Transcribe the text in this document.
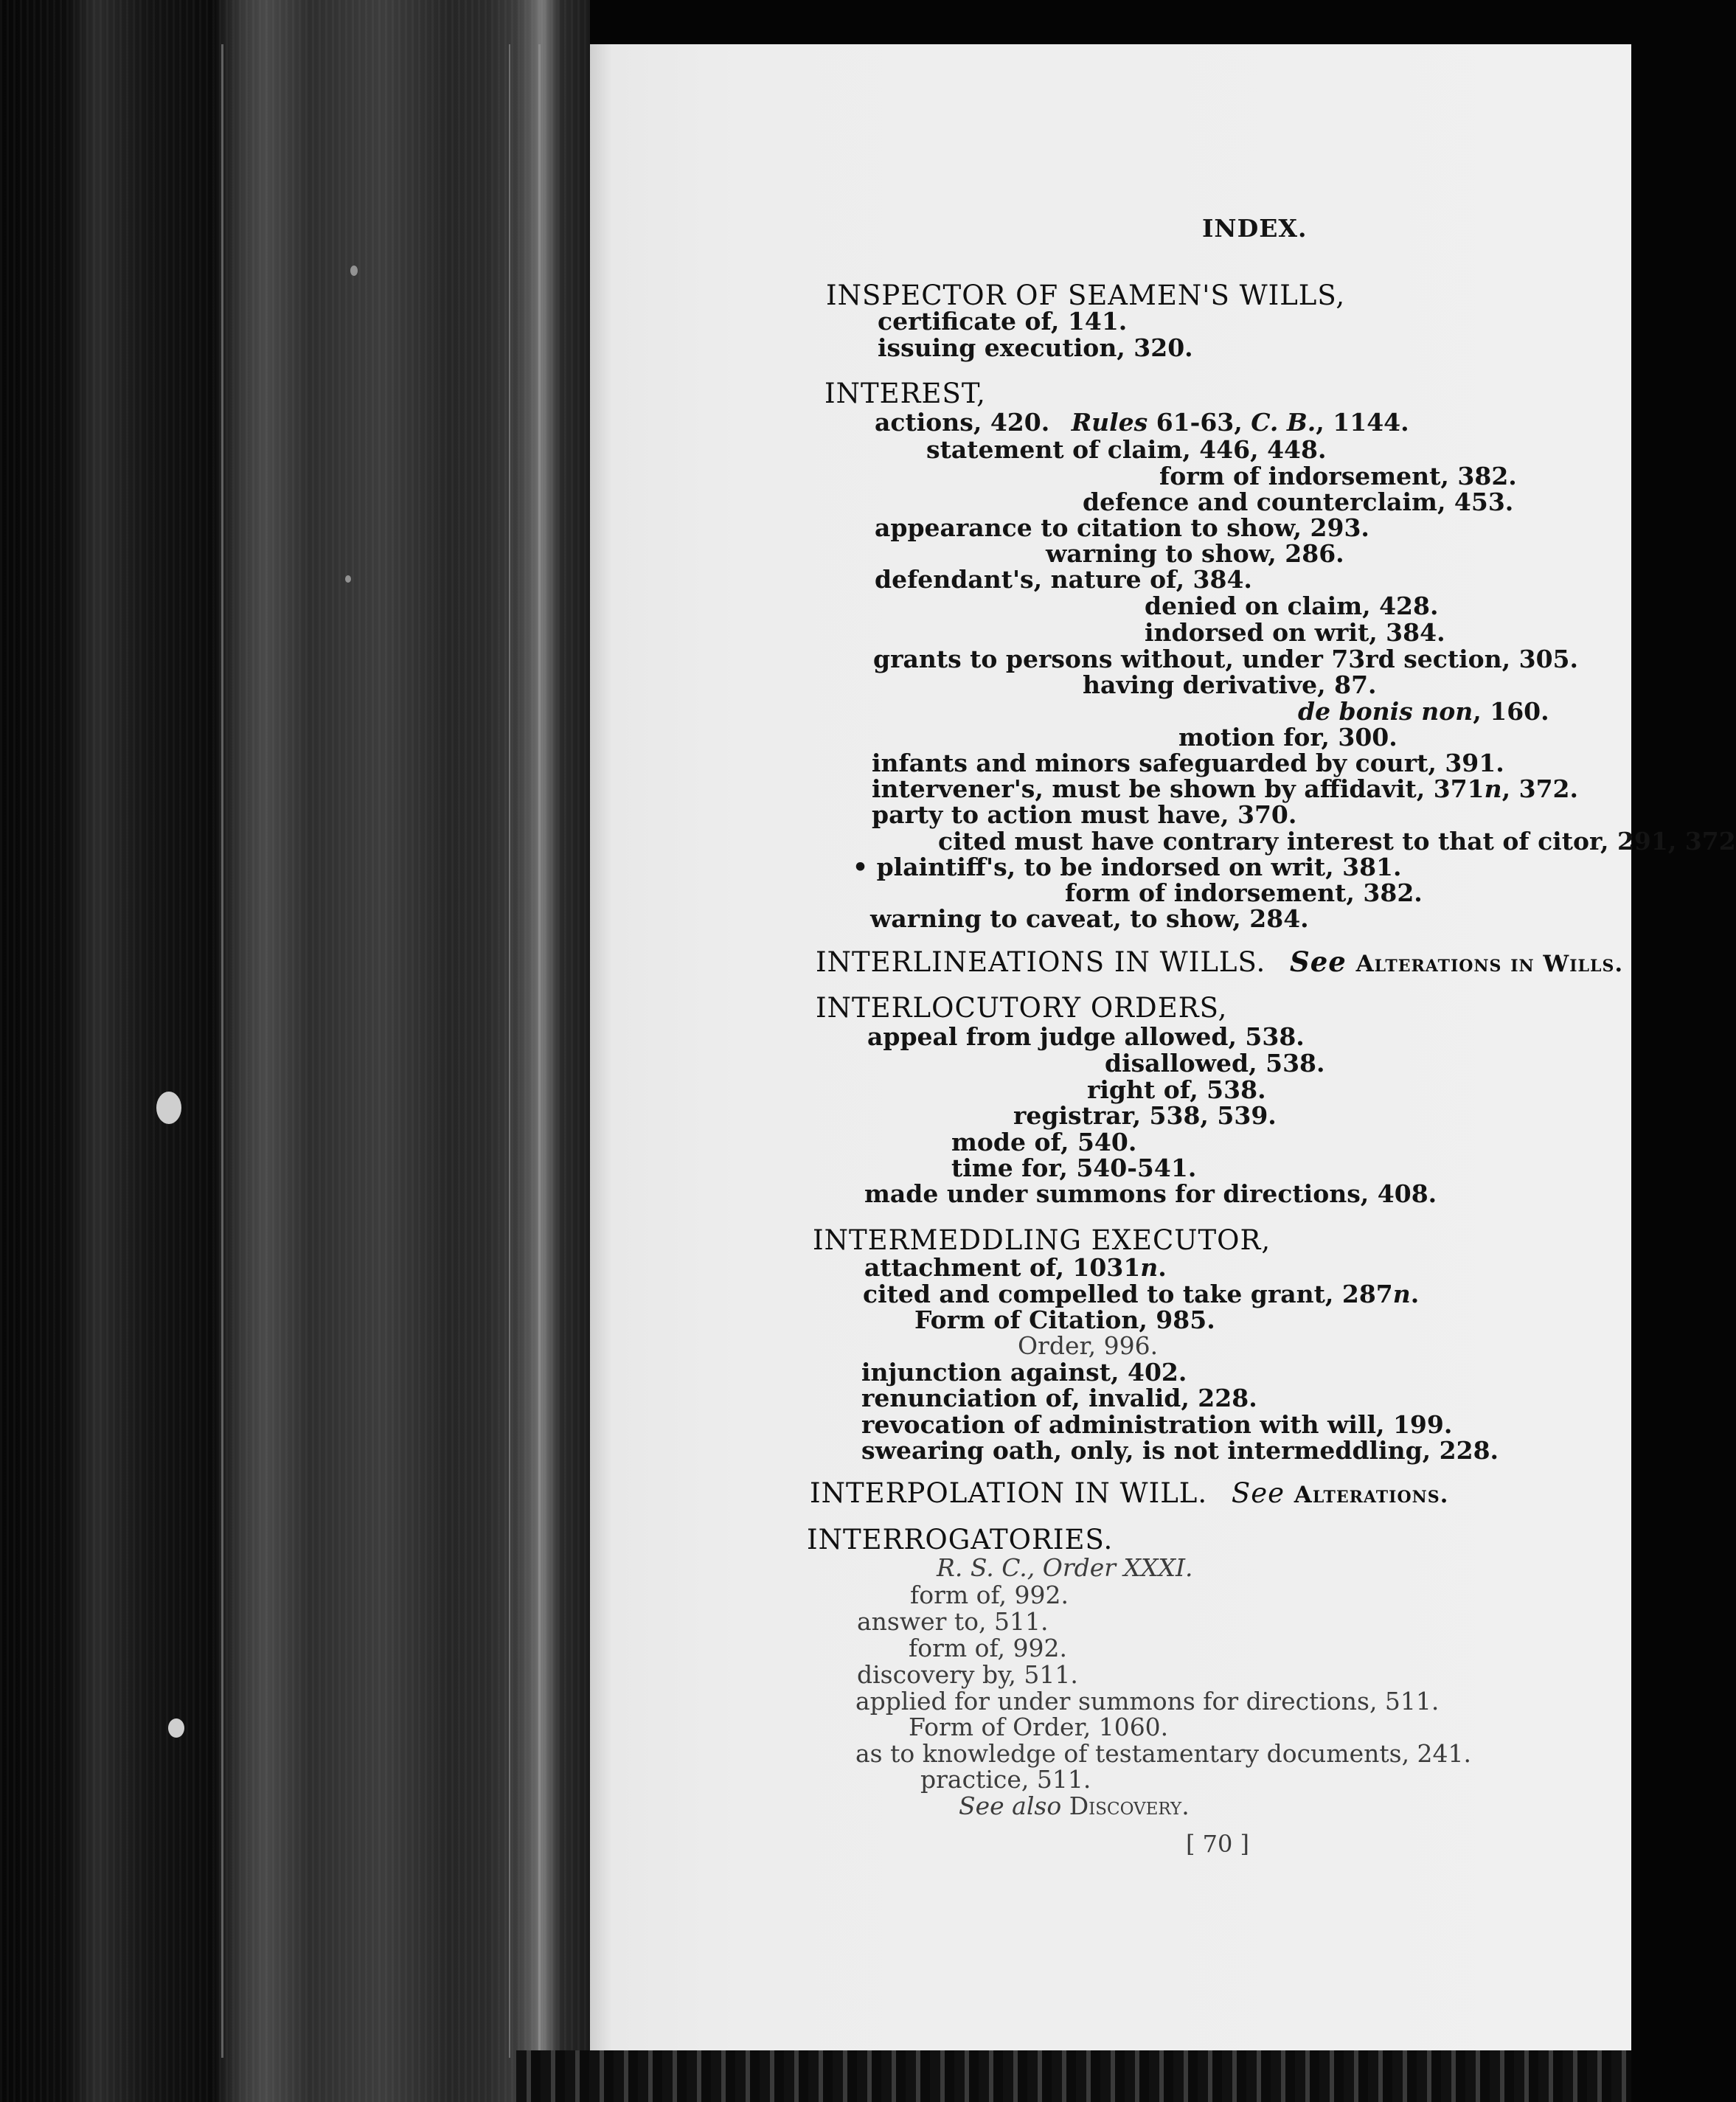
INDEX.
INSPECTOR OF SEAMEN'S WILLS,
certificate of, 141.
issuing execution, 320.
INTEREST,
actions, 420. Rules 61-63, C. B., 1144.
statement of claim, 446, 448.
form of indorsement, 382.
defence and counterclaim, 453.
appearance to citation to show, 293.
warning to show, 286.
defendant's, nature of, 384.
denied on claim, 428.
indorsed on writ, 384.
grants to persons without, under 73rd section, 305.
having derivative, 87.
de bonis non, 160.
motion for, 300.
infants and minors safeguarded by court, 391.
intervener's, must be shown by affidavit, 371n, 372.
party to action must have, 370.
cited must have contrary interest to that of citor, 291, 372
• plaintiff's, to be indorsed on writ, 381.
form of indorsement, 382.
warning to caveat, to show, 284.
INTERLINEATIONS IN WILLS. See Alterations in Wills.
INTERLOCUTORY ORDERS,
appeal from judge allowed, 538.
disallowed, 538.
right of, 538.
registrar, 538, 539.
mode of, 540.
time for, 540-541.
made under summons for directions, 408.
INTERMEDDLING EXECUTOR,
attachment of, 1031n.
cited and compelled to take grant, 287n.
Form of Citation, 985.
Order, 996.
injunction against, 402.
renunciation of, invalid, 228.
revocation of administration with will, 199.
swearing oath, only, is not intermeddling, 228.
INTERPOLATION IN WILL. See Alterations.
INTERROGATORIES.
R. S. C., Order XXXI.
form of, 992.
answer to, 511.
form of, 992.
discovery by, 511.
applied for under summons for directions, 511.
Form of Order, 1060.
as to knowledge of testamentary documents, 241.
practice, 511.
See also Discovery.
[ 70 ]
